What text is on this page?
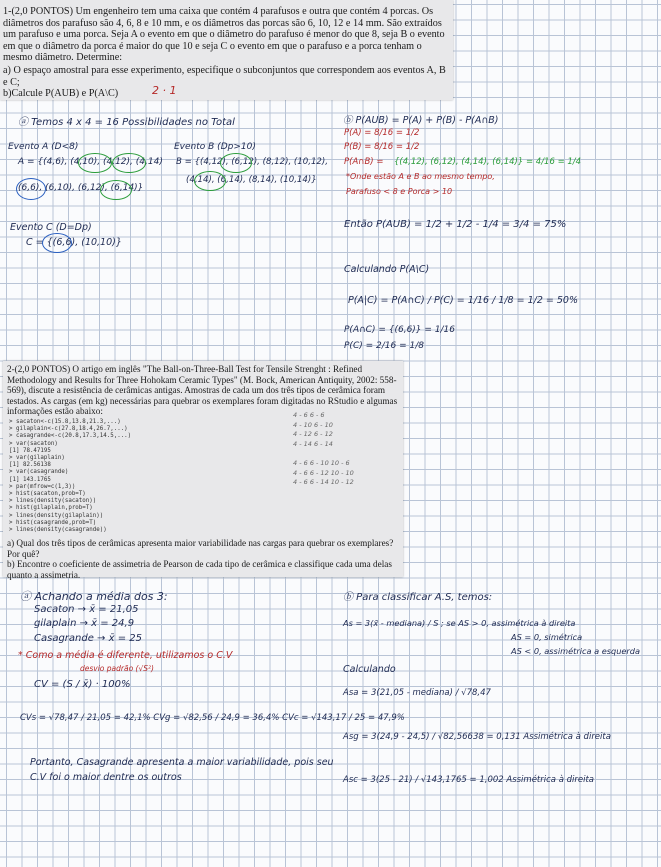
1-(2,0 PONTOS) Um engenheiro tem uma caixa que contém 4 parafusos e outra que contém 4 porcas. Os diâmetros dos parafuso são 4, 6, 8 e 10 mm, e os diâmetros das porcas são 6, 10, 12 e 14 mm. São extraídos um parafuso e uma porca. Seja A o evento em que o diâmetro do parafuso é menor do que 8, seja B o evento em que o diâmetro da porca é maior do que 10 e seja C o evento em que o parafuso e a porca tenham o mesmo diâmetro. Determine:
a) O espaço amostral para esse experimento, especifique o subconjuntos que correspondem aos eventos A, B e C;
b)Calcule P(AUB) e P(A\C)	2 · 1
ⓐ Temos 4 x 4 = 16 Possibilidades no Total
Evento A (D<8)
A = {(4,6), (4,10), (4,12), (4,14)
(6,6), (6,10), (6,12), (6,14)}
Evento B (Dp>10)
B = {(4,12), (6,12), (8,12), (10,12),
(4,14), (6,14), (8,14), (10,14)}
Evento C (D=Dp)
C = {(6,6), (10,10)}
ⓑ P(AUB) = P(A) + P(B) - P(A∩B)
P(A) = 8/16 = 1/2
P(B) = 8/16 = 1/2
P(A∩B) = {(4,12), (6,12), (4,14), (6,14)} = 4/16 = 1/4
*Onde estão A e B ao mesmo tempo,
Parafuso < 8 e Porca > 10
Então P(AUB) = 1/2 + 1/2 - 1/4 = 3/4 = 75%
Calculando P(A\C)
P(A|C) = P(A∩C) / P(C) = 1/16 / 1/8 = 1/2 = 50%
P(A∩C) = {(6,6)} = 1/16
P(C) = 2/16 = 1/8
2-(2,0 PONTOS) O artigo em inglês "The Ball-on-Three-Ball Test for Tensile Strenght : Refined Methodology and Results for Three Hohokam Ceramic Types" (M. Bock, American Antiquity, 2002: 558-569), discute a resistência de cerâmicas antigas. Amostras de cada um dos três tipos de cerâmica foram testados. As cargas (em kg) necessárias para quebrar os exemplares foram digitadas no RStudio e algumas informações estão abaixo:
> sacaton<-c(15.8,13.8,21.3,...)
> gilaplain<-c(27.8,18.4,26.7,...)
> casagrande<-c(20.8,17.3,14.5,...)
> var(sacaton)
[1] 78.47195
> var(gilaplain)
[1] 82.56138
> var(casagrande)
[1] 143.1765
> par(mfrow=c(1,3))
> hist(sacaton,prob=T)
> lines(density(sacaton))
> hist(gilaplain,prob=T)
> lines(density(gilaplain))
> hist(casagrande,prob=T)
> lines(density(casagrande))
4 - 6 6 - 6
4 - 10 6 - 10
4 - 12 6 - 12
4 - 14 6 - 14
4 - 6 6 - 10 10 - 6
4 - 6 6 - 12 10 - 10
4 - 6 6 - 14 10 - 12
a) Qual dos três tipos de cerâmicas apresenta maior variabilidade nas cargas para quebrar os exemplares? Por quê?
b) Encontre o coeficiente de assimetria de Pearson de cada tipo de cerâmica e classifique cada uma delas quanto a assimetria.
ⓐ Achando a média dos 3:
Sacaton → x̄ = 21,05
gilaplain → x̄ = 24,9
Casagrande → x̄ = 25
* Como a média é diferente, utilizamos o C.V
desvio padrão (√S²)
CV = (S / x̄) · 100%
CVs = √78,47 / 21,05 = 42,1% CVg = √82,56 / 24,9 = 36,4% CVc = √143,17 / 25 = 47,9%
Portanto, Casagrande apresenta a maior variabilidade, pois seu
C.V foi o maior dentre os outros
ⓑ Para classificar A.S, temos:
As = 3(x̄ - mediana) / S ; se AS > 0, assimétrica à direita
AS = 0, simétrica
AS < 0, assimétrica a esquerda
Calculando
Asa = 3(21,05 - mediana) / √78,47
Asg = 3(24,9 - 24,5) / √82,56638 = 0,131 Assimétrica à direita
Asc = 3(25 - 21) / √143,1765 = 1,002 Assimétrica à direita
